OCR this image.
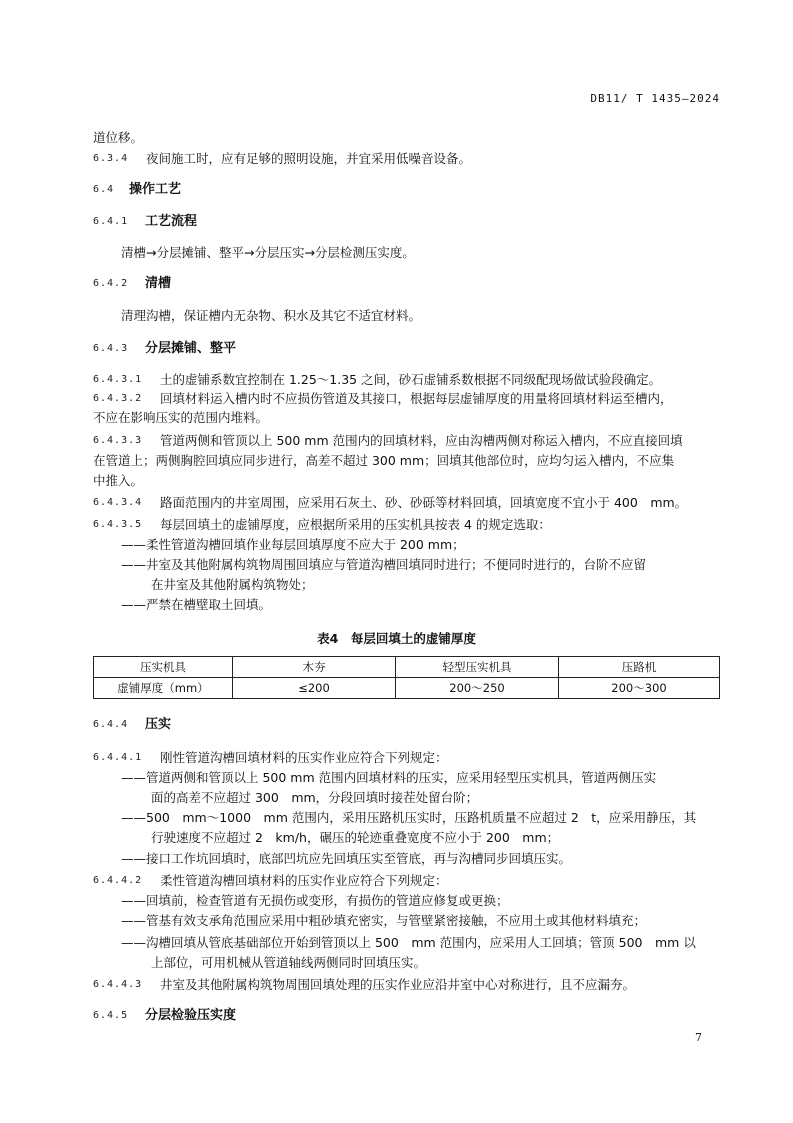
DB11/ T 1435—2024
道位移。
6.3.4 夜间施工时，应有足够的照明设施，并宜采用低噪音设备。
6.4 操作工艺
6.4.1 工艺流程
清槽→分层摊铺、整平→分层压实→分层检测压实度。
6.4.2 清槽
清理沟槽，保证槽内无杂物、积水及其它不适宜材料。
6.4.3 分层摊铺、整平
6.4.3.1 土的虚铺系数宜控制在 1.25～1.35 之间，砂石虚铺系数根据不同级配现场做试验段确定。
6.4.3.2 回填材料运入槽内时不应损伤管道及其接口，根据每层虚铺厚度的用量将回填材料运至槽内，
不应在影响压实的范围内堆料。
6.4.3.3 管道两侧和管顶以上 500 mm 范围内的回填材料，应由沟槽两侧对称运入槽内，不应直接回填
在管道上；两侧胸腔回填应同步进行，高差不超过 300 mm；回填其他部位时，应均匀运入槽内，不应集
中推入。
6.4.3.4 路面范围内的井室周围，应采用石灰土、砂、砂砾等材料回填，回填宽度不宜小于 400　mm。
6.4.3.5 每层回填土的虚铺厚度，应根据所采用的压实机具按表 4 的规定选取：
——柔性管道沟槽回填作业每层回填厚度不应大于 200 mm；
——井室及其他附属构筑物周围回填应与管道沟槽回填同时进行；不便同时进行的，台阶不应留
在井室及其他附属构筑物处；
——严禁在槽壁取土回填。
表4　每层回填土的虚铺厚度
压实机具	木夯	轻型压实机具	压路机
虚铺厚度（mm）	≤200	200～250	200～300
6.4.4 压实
6.4.4.1 刚性管道沟槽回填材料的压实作业应符合下列规定：
——管道两侧和管顶以上 500 mm 范围内回填材料的压实，应采用轻型压实机具，管道两侧压实
面的高差不应超过 300　mm，分段回填时接茬处留台阶；
——500　mm～1000　mm 范围内，采用压路机压实时，压路机质量不应超过 2　t，应采用静压，其
行驶速度不应超过 2　km/h，碾压的轮迹重叠宽度不应小于 200　mm；
——接口工作坑回填时，底部凹坑应先回填压实至管底，再与沟槽同步回填压实。
6.4.4.2 柔性管道沟槽回填材料的压实作业应符合下列规定：
——回填前，检查管道有无损伤或变形，有损伤的管道应修复或更换；
——管基有效支承角范围应采用中粗砂填充密实，与管壁紧密接触，不应用土或其他材料填充；
——沟槽回填从管底基础部位开始到管顶以上 500　mm 范围内，应采用人工回填；管顶 500　mm 以
上部位，可用机械从管道轴线两侧同时回填压实。
6.4.4.3 井室及其他附属构筑物周围回填处理的压实作业应沿井室中心对称进行，且不应漏夯。
6.4.5 分层检验压实度
7
